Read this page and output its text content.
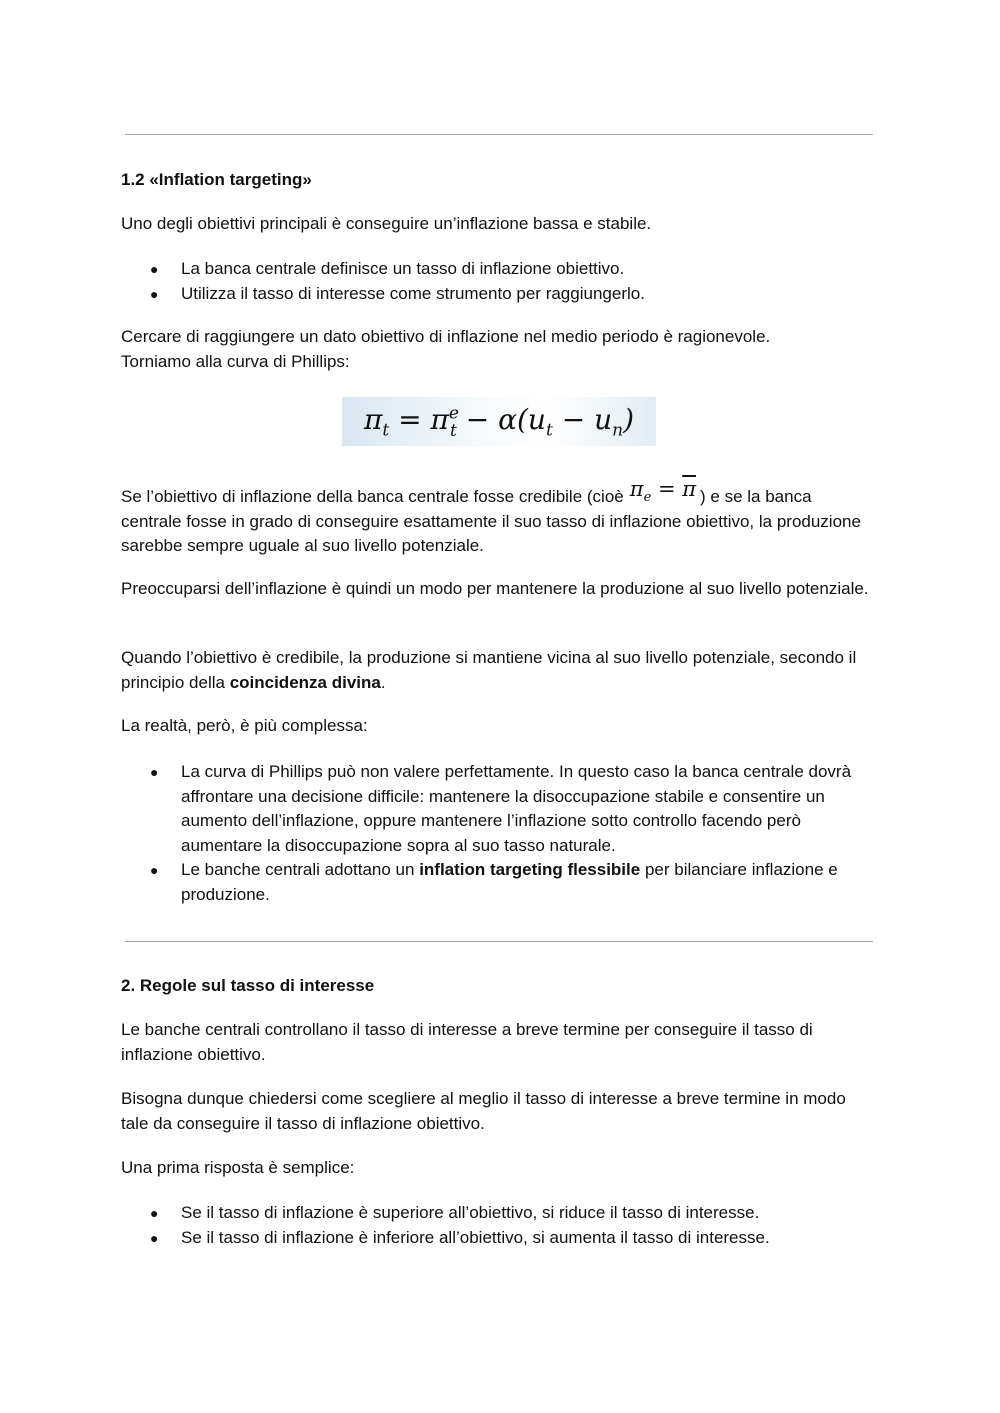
1.2 «Inflation targeting»

Uno degli obiettivi principali è conseguire un’inflazione bassa e stabile.

● La banca centrale definisce un tasso di inflazione obiettivo.
● Utilizza il tasso di interesse come strumento per raggiungerlo.

Cercare di raggiungere un dato obiettivo di inflazione nel medio periodo è ragionevole.
Torniamo alla curva di Phillips:

$\pi_t = \pi^e_t - \alpha(u_t - u_n)$

Se l’obiettivo di inflazione della banca centrale fosse credibile (cioè $\pi_e = \overline{\pi}$ ) e se la banca centrale fosse in grado di conseguire esattamente il suo tasso di inflazione obiettivo, la produzione sarebbe sempre uguale al suo livello potenziale.

Preoccuparsi dell’inflazione è quindi un modo per mantenere la produzione al suo livello potenziale.

Quando l’obiettivo è credibile, la produzione si mantiene vicina al suo livello potenziale, secondo il principio della coincidenza divina.

La realtà, però, è più complessa:

● La curva di Phillips può non valere perfettamente. In questo caso la banca centrale dovrà affrontare una decisione difficile: mantenere la disoccupazione stabile e consentire un aumento dell’inflazione, oppure mantenere l’inflazione sotto controllo facendo però aumentare la disoccupazione sopra al suo tasso naturale.
● Le banche centrali adottano un inflation targeting flessibile per bilanciare inflazione e produzione.
2. Regole sul tasso di interesse

Le banche centrali controllano il tasso di interesse a breve termine per conseguire il tasso di inflazione obiettivo.

Bisogna dunque chiedersi come scegliere al meglio il tasso di interesse a breve termine in modo tale da conseguire il tasso di inflazione obiettivo.

Una prima risposta è semplice:

● Se il tasso di inflazione è superiore all’obiettivo, si riduce il tasso di interesse.
● Se il tasso di inflazione è inferiore all’obiettivo, si aumenta il tasso di interesse.
